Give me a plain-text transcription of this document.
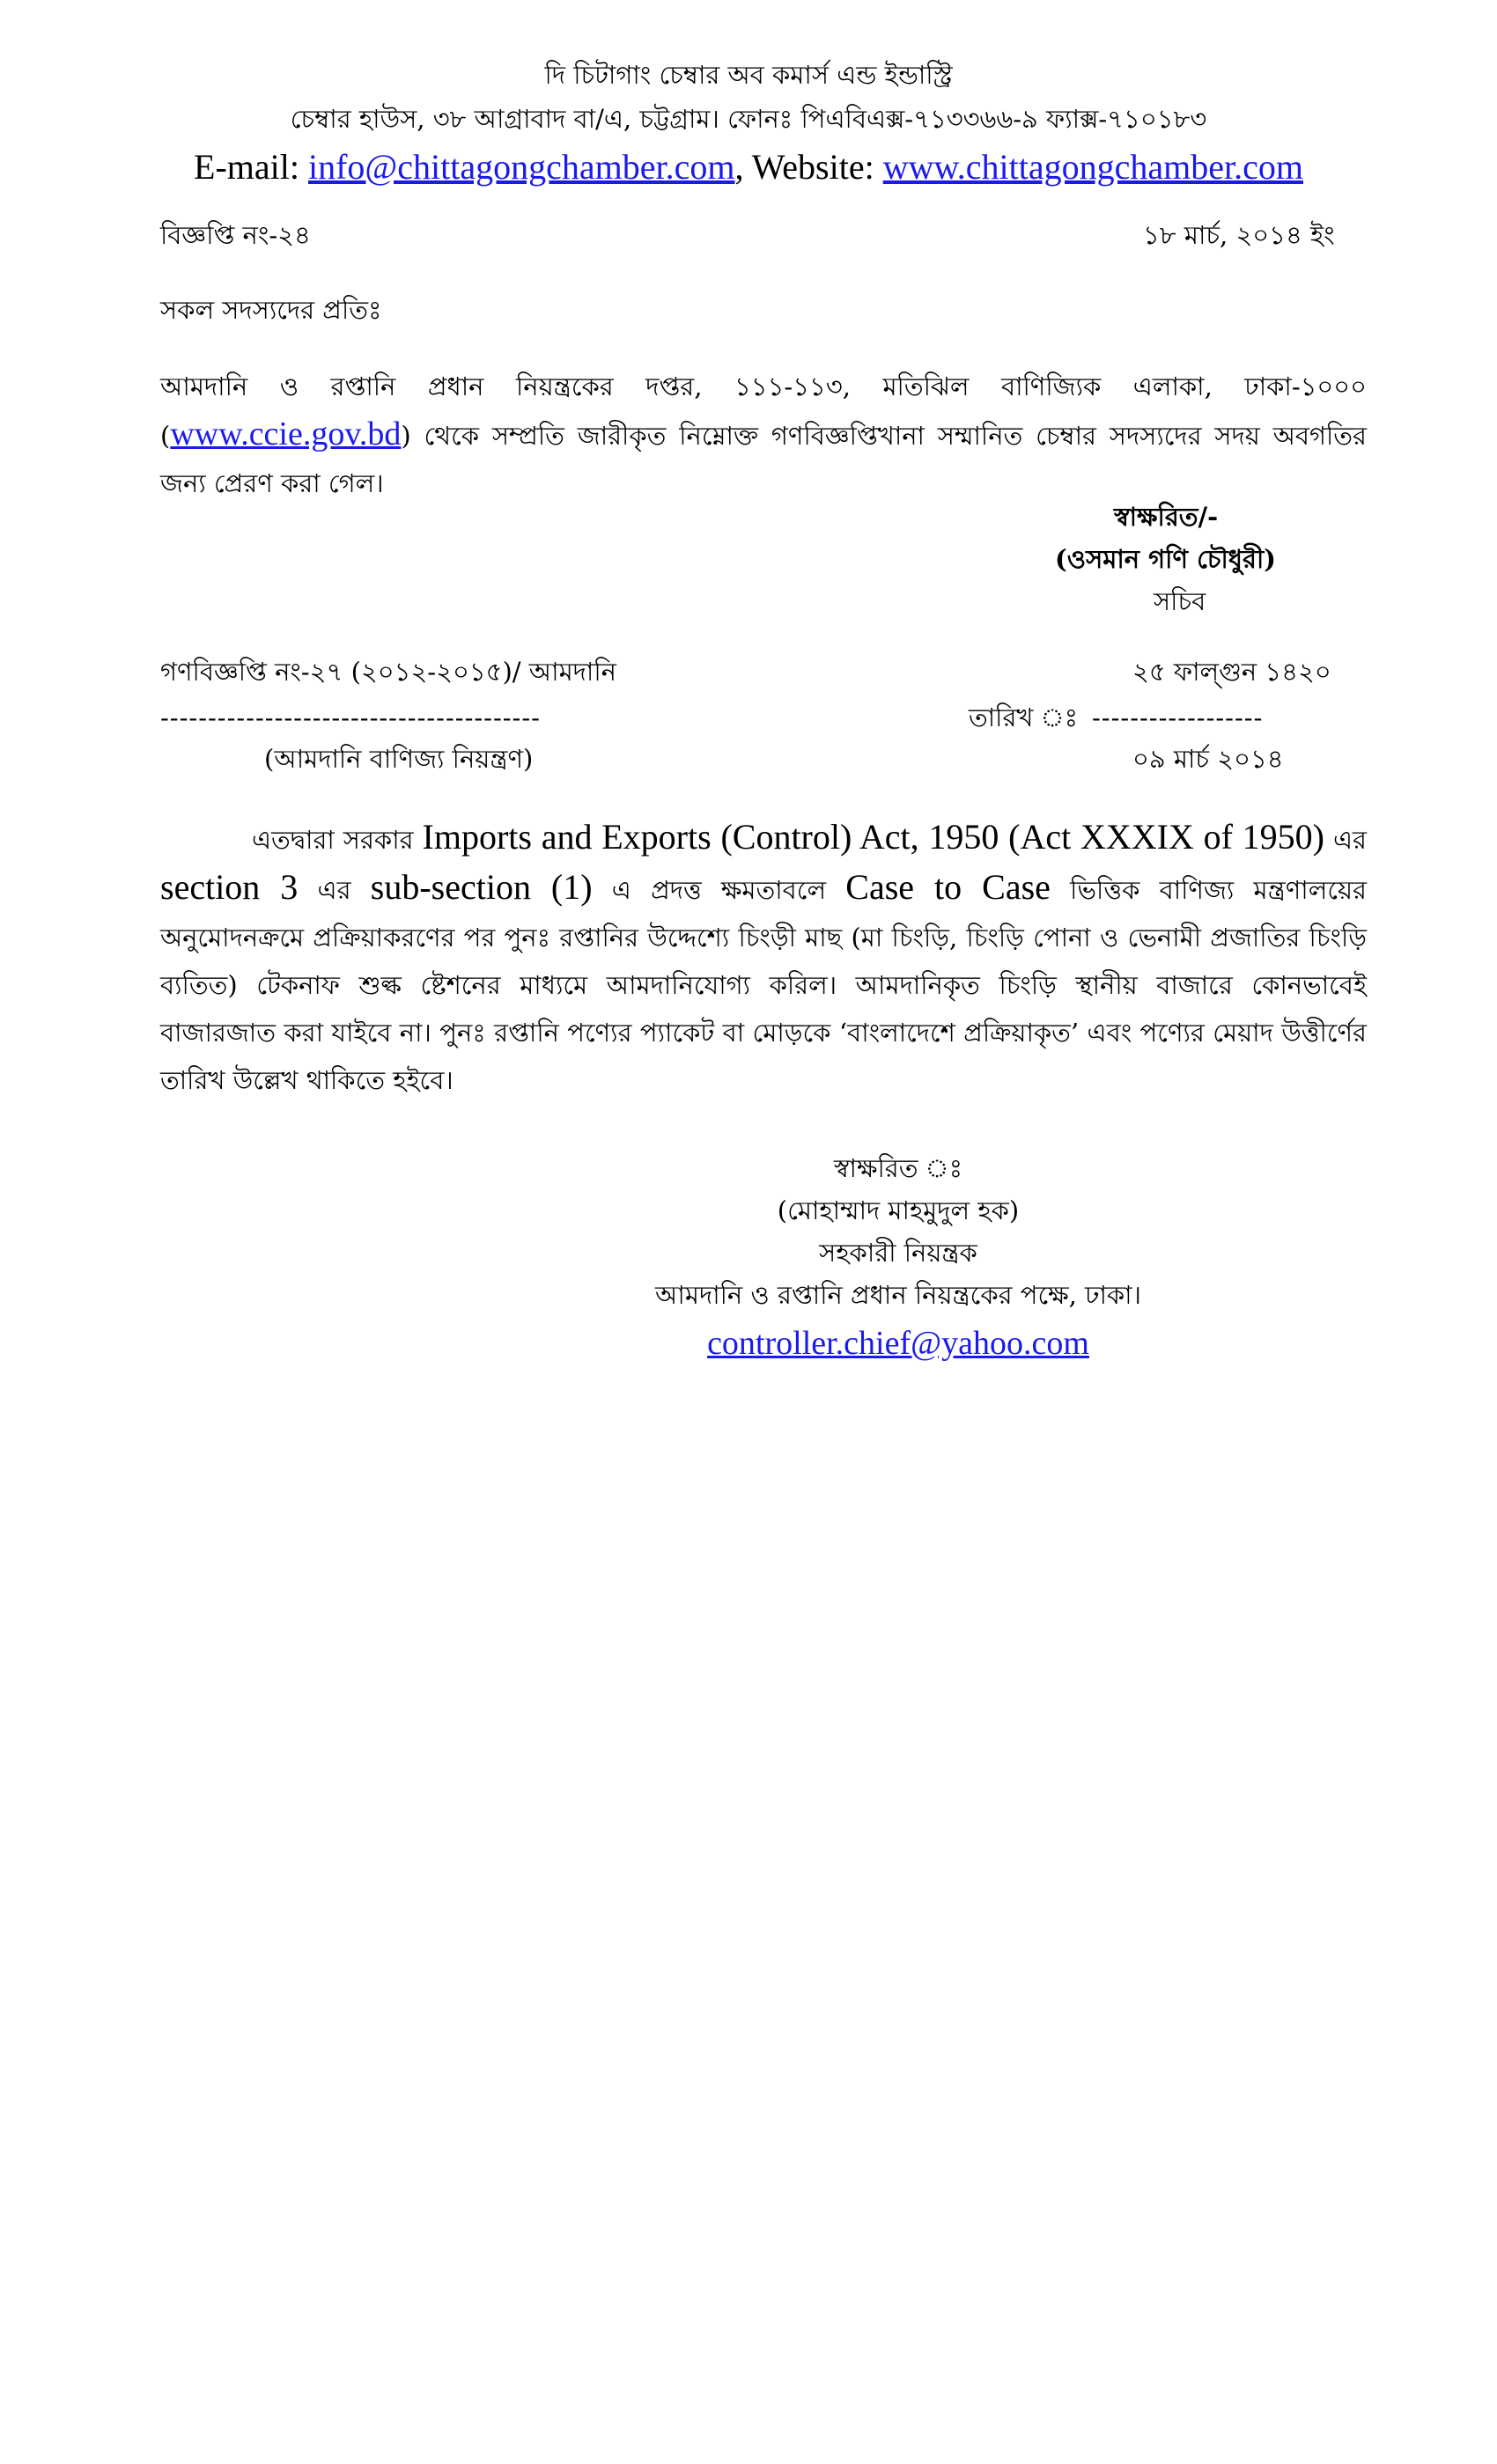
দি চিটাগাং চেম্বার অব কমার্স এন্ড ইন্ডাস্ট্রি
চেম্বার হাউস, ৩৮ আগ্রাবাদ বা/এ, চট্টগ্রাম। ফোনঃ পিএবিএক্স-৭১৩৩৬৬-৯ ফ্যাক্স-৭১০১৮৩
E-mail: info@chittagongchamber.com, Website: www.chittagongchamber.com
বিজ্ঞপ্তি নং-২৪	১৮ মার্চ, ২০১৪ ইং
সকল সদস্যদের প্রতিঃ

আমদানি ও রপ্তানি প্রধান নিয়ন্ত্রকের দপ্তর, ১১১-১১৩, মতিঝিল বাণিজ্যিক এলাকা, ঢাকা-১০০০ (www.ccie.gov.bd) থেকে সম্প্রতি জারীকৃত নিম্নোক্ত গণবিজ্ঞপ্তিখানা সম্মানিত চেম্বার সদস্যদের সদয় অবগতির জন্য প্রেরণ করা গেল।

স্বাক্ষরিত/-
(ওসমান গণি চৌধুরী)
সচিব
গণবিজ্ঞপ্তি নং-২৭ (২০১২-২০১৫)/ আমদানি	২৫ ফাল্গুন ১৪২০
----------------------------------------	তারিখ ঃ ------------------
(আমদানি বাণিজ্য নিয়ন্ত্রণ)	০৯ মার্চ ২০১৪

এতদ্বারা সরকার Imports and Exports (Control) Act, 1950 (Act XXXIX of 1950) এর section 3 এর sub-section (1) এ প্রদত্ত ক্ষমতাবলে Case to Case ভিত্তিক বাণিজ্য মন্ত্রণালয়ের অনুমোদনক্রমে প্রক্রিয়াকরণের পর পুনঃ রপ্তানির উদ্দেশ্যে চিংড়ী মাছ (মা চিংড়ি, চিংড়ি পোনা ও ভেনামী প্রজাতির চিংড়ি ব্যতিত) টেকনাফ শুল্ক ষ্টেশনের মাধ্যমে আমদানিযোগ্য করিল। আমদানিকৃত চিংড়ি স্থানীয় বাজারে কোনভাবেই বাজারজাত করা যাইবে না। পুনঃ রপ্তানি পণ্যের প্যাকেট বা মোড়কে ‘বাংলাদেশে প্রক্রিয়াকৃত’ এবং পণ্যের মেয়াদ উত্তীর্ণের তারিখ উল্লেখ থাকিতে হইবে।

স্বাক্ষরিত ঃ
(মোহাম্মাদ মাহমুদুল হক)
সহকারী নিয়ন্ত্রক
আমদানি ও রপ্তানি প্রধান নিয়ন্ত্রকের পক্ষে, ঢাকা।
controller.chief@yahoo.com
